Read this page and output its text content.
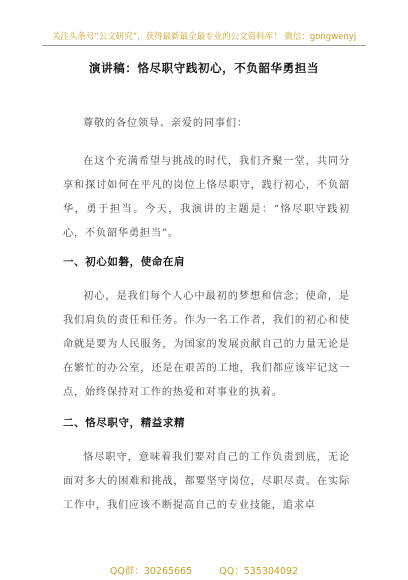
关注头条号“公文研究”，获得最新最全最专业的公文资料库！ 微信：gongwenyj
演讲稿：恪尽职守践初心，不负韶华勇担当
尊敬的各位领导、亲爱的同事们：
在这个充满希望与挑战的时代，我们齐聚一堂，共同分享和探讨如何在平凡的岗位上恪尽职守，践行初心，不负韶华，勇于担当。今天，我演讲的主题是：“恪尽职守践初心，不负韶华勇担当”。
一、初心如磐，使命在肩
初心，是我们每个人心中最初的梦想和信念；使命，是我们肩负的责任和任务。作为一名工作者，我们的初心和使命就是要为人民服务，为国家的发展贡献自己的力量无论是在繁忙的办公室，还是在艰苦的工地，我们都应该牢记这一点，始终保持对工作的热爱和对事业的执着。
二、恪尽职守，精益求精
恪尽职守，意味着我们要对自己的工作负责到底，无论面对多大的困难和挑战，都要坚守岗位，尽职尽责。在实际工作中，我们应该不断提高自己的专业技能，追求卓
QQ群：30265665	QQ：535304092
